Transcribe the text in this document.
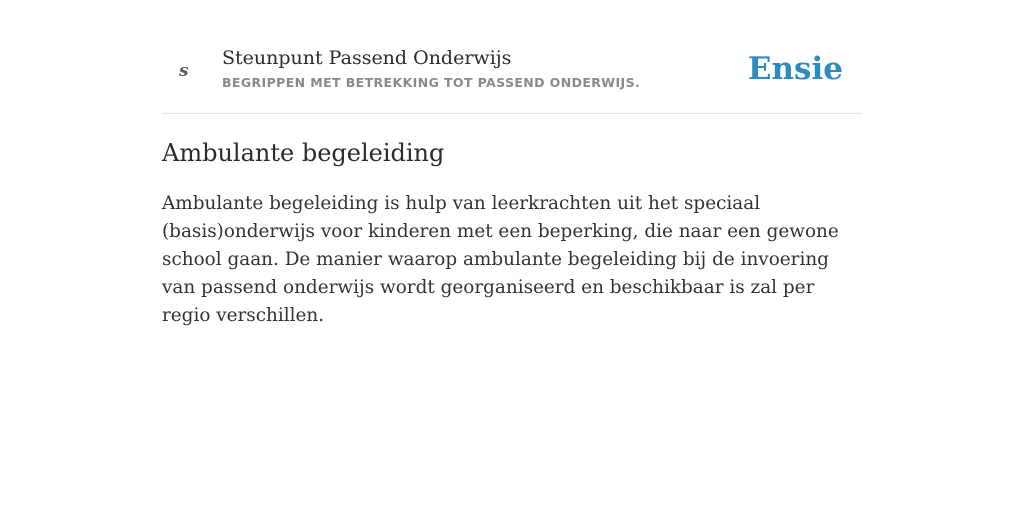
s
Steunpunt Passend Onderwijs
BEGRIPPEN MET BETREKKING TOT PASSEND ONDERWIJS.	Ensie
Ambulante begeleiding

Ambulante begeleiding is hulp van leerkrachten uit het speciaal (basis)onderwijs voor kinderen met een beperking, die naar een gewone school gaan. De manier waarop ambulante begeleiding bij de invoering van passend onderwijs wordt georganiseerd en beschikbaar is zal per regio verschillen.
